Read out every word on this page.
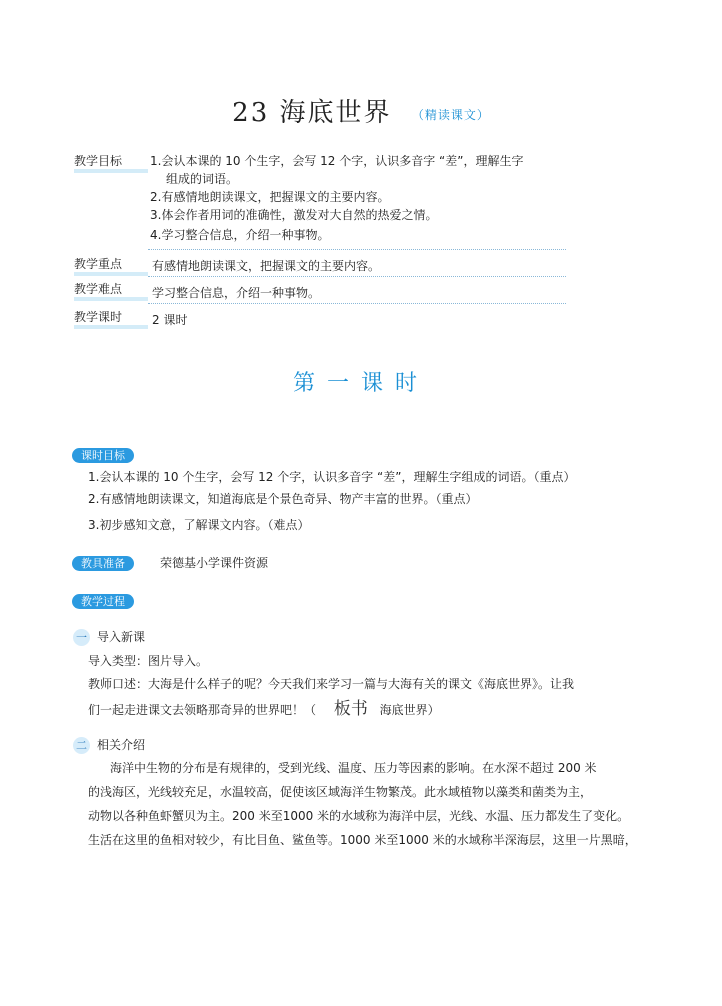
23 海底世界 （精读课文）
教学目标	1.会认本课的 10 个生字，会写 12 个字，认识多音字 “差”，理解生字
组成的词语。
2.有感情地朗读课文，把握课文的主要内容。
3.体会作者用词的准确性，激发对大自然的热爱之情。
4.学习整合信息，介绍一种事物。
教学重点	有感情地朗读课文，把握课文的主要内容。
教学难点	学习整合信息，介绍一种事物。
教学课时	2 课时
第一课时
课时目标
1.会认本课的 10 个生字，会写 12 个字，认识多音字 “差”，理解生字组成的词语。（重点）
2.有感情地朗读课文，知道海底是个景色奇异、物产丰富的世界。（重点）
3.初步感知文意，了解课文内容。（难点）
教具准备	荣德基小学课件资源
教学过程
一 导入新课
导入类型：图片导入。
教师口述：大海是什么样子的呢？今天我们来学习一篇与大海有关的课文《海底世界》。让我
们一起走进课文去领略那奇异的世界吧！（ 板书 海底世界）
二 相关介绍
海洋中生物的分布是有规律的，受到光线、温度、压力等因素的影响。在水深不超过 200 米
的浅海区，光线较充足，水温较高，促使该区域海洋生物繁茂。此水域植物以藻类和菌类为主，
动物以各种鱼虾蟹贝为主。200 米至1000 米的水域称为海洋中层，光线、水温、压力都发生了变化。
生活在这里的鱼相对较少，有比目鱼、鲨鱼等。1000 米至1000 米的水域称半深海层，这里一片黑暗，
